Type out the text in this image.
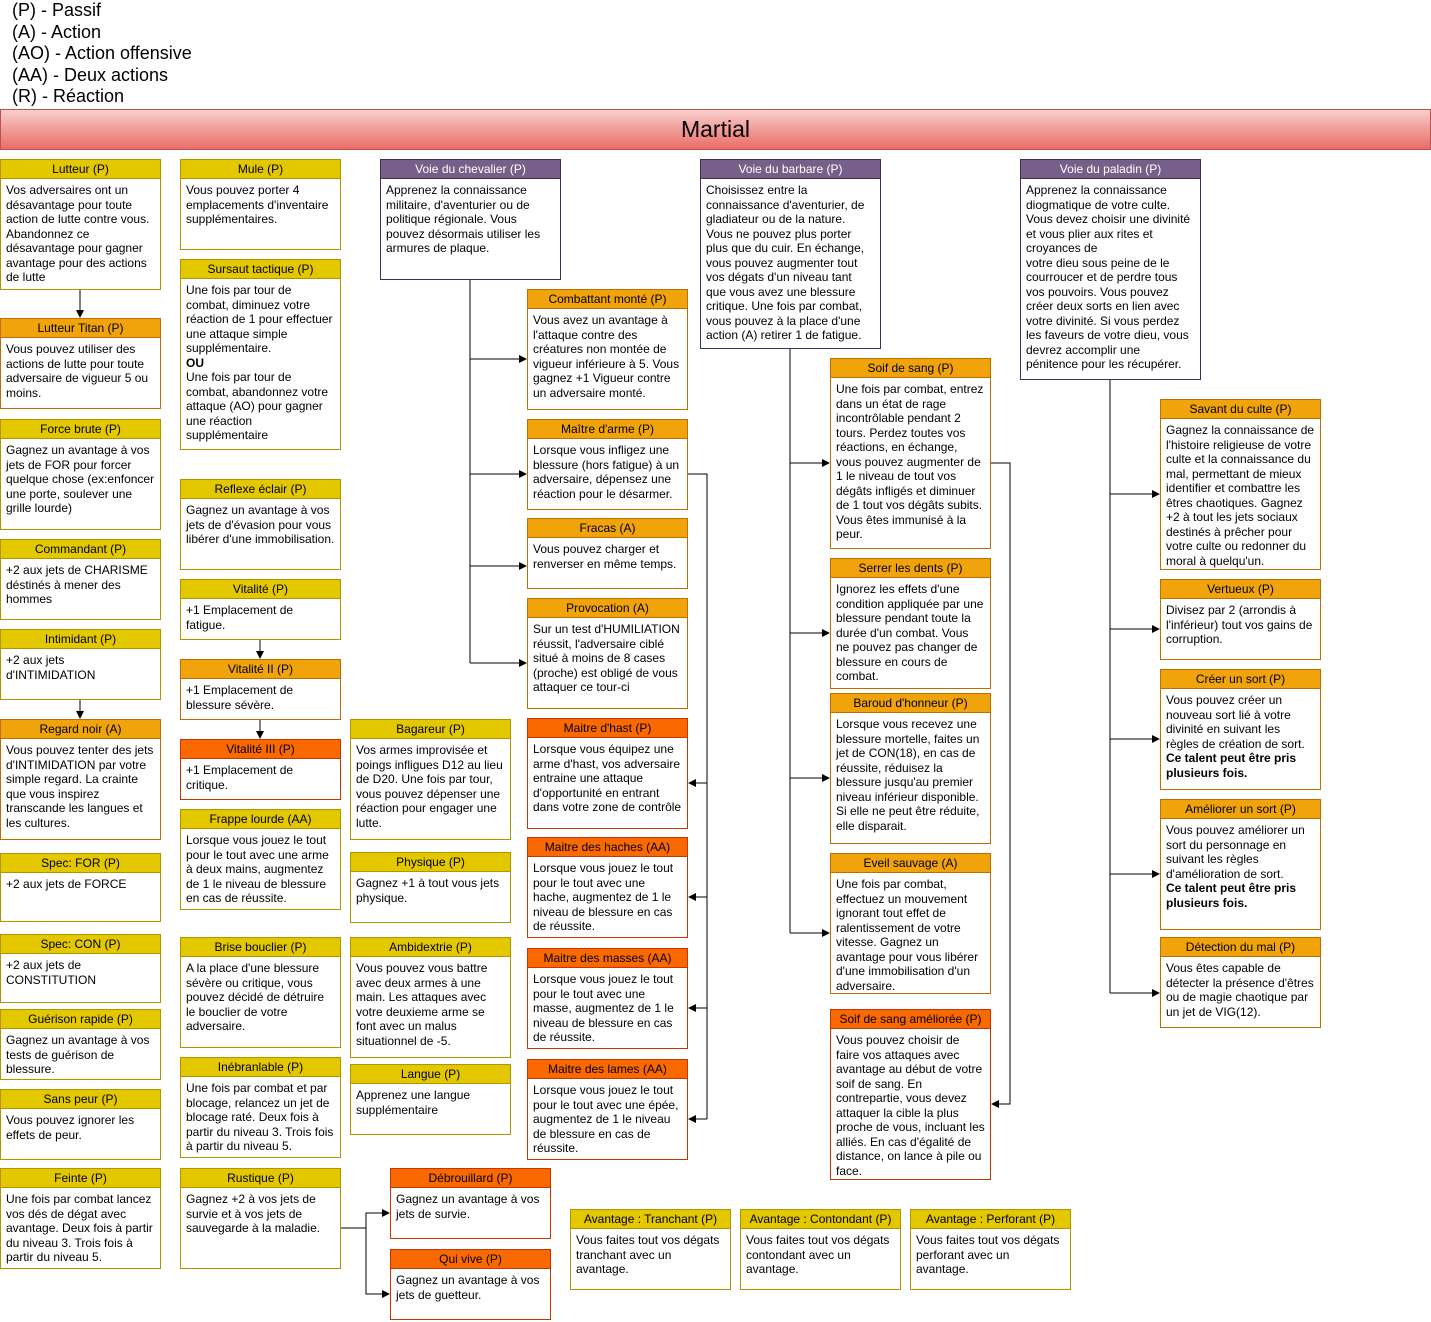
(P) - Passif
(A) - Action
(AO) - Action offensive
(AA) - Deux actions
(R) - Réaction
Martial
Lutteur (P)
Vos adversaires ont un désavantage pour toute action de lutte contre vous. Abandonnez ce désavantage pour gagner avantage pour des actions de lutte
Lutteur Titan (P)
Vous pouvez utiliser des actions de lutte pour toute adversaire de vigueur 5 ou moins.
Force brute (P)
Gagnez un avantage à vos jets de FOR pour forcer quelque chose (ex:enfoncer une porte, soulever une grille lourde)
Commandant (P)
+2 aux jets de CHARISME déstinés à mener des hommes
Intimidant (P)
+2 aux jets d'INTIMIDATION
Regard noir (A)
Vous pouvez tenter des jets d'INTIMIDATION par votre simple regard. La crainte que vous inspirez transcande les langues et les cultures.
Spec: FOR (P)
+2 aux jets de FORCE
Spec: CON (P)
+2 aux jets de CONSTITUTION
Guérison rapide (P)
Gagnez un avantage à vos tests de guérison de blessure.
Sans peur (P)
Vous pouvez ignorer les effets de peur.
Feinte (P)
Une fois par combat lancez vos dés de dégat avec avantage. Deux fois à partir du niveau 3. Trois fois à partir du niveau 5.
Mule (P)
Vous pouvez porter 4 emplacements d'inventaire supplémentaires.
Sursaut tactique (P)
Une fois par tour de combat, diminuez votre réaction de 1 pour effectuer une attaque simple supplémentaire.
OU
Une fois par tour de combat, abandonnez votre attaque (AO) pour gagner une réaction supplémentaire
Reflexe éclair (P)
Gagnez un avantage à vos jets de d'évasion pour vous libérer d'une immobilisation.
Vitalité (P)
+1 Emplacement de fatigue.
Vitalité II (P)
+1 Emplacement de blessure sévère.
Vitalité III (P)
+1 Emplacement de critique.
Frappe lourde (AA)
Lorsque vous jouez le tout pour le tout avec une arme à deux mains, augmentez de 1 le niveau de blessure en cas de réussite.
Brise bouclier (P)
A la place d'une blessure sévère ou critique, vous pouvez décidé de détruire le bouclier de votre adversaire.
Inébranlable (P)
Une fois par combat et par blocage, relancez un jet de blocage raté. Deux fois à partir du niveau 3. Trois fois à partir du niveau 5.
Rustique (P)
Gagnez +2 à vos jets de survie et à vos jets de sauvegarde à la maladie.
Bagareur (P)
Vos armes improvisée et poings infligues D12 au lieu de D20. Une fois par tour, vous pouvez dépenser une réaction pour engager une lutte.
Physique (P)
Gagnez +1 à tout vous jets physique.
Ambidextrie (P)
Vous pouvez vous battre avec deux armes à une main. Les attaques avec votre deuxieme arme se font avec un malus situationnel de -5.
Langue (P)
Apprenez une langue supplémentaire
Débrouillard (P)
Gagnez un avantage à vos jets de survie.
Qui vive (P)
Gagnez un avantage à vos jets de guetteur.
Voie du chevalier (P)
Apprenez la connaissance militaire, d'aventurier ou de politique régionale. Vous pouvez désormais utiliser les armures de plaque.
Combattant monté (P)
Vous avez un avantage à l'attaque contre des créatures non montée de vigueur inférieure à 5. Vous gagnez +1 Vigueur contre un adversaire monté.
Maître d'arme (P)
Lorsque vous infligez une blessure (hors fatigue) à un adversaire, dépensez une réaction pour le désarmer.
Fracas (A)
Vous pouvez charger et renverser en même temps.
Provocation (A)
Sur un test d'HUMILIATION réussit, l'adversaire ciblé situé à moins de 8 cases (proche) est obligé de vous attaquer ce tour-ci
Maitre d'hast (P)
Lorsque vous équipez une arme d'hast, vos adversaire entraine une attaque d'opportunité en entrant dans votre zone de contrôle
Maitre des haches (AA)
Lorsque vous jouez le tout pour le tout avec une hache, augmentez de 1 le niveau de blessure en cas de réussite.
Maitre des masses (AA)
Lorsque vous jouez le tout pour le tout avec une masse, augmentez de 1 le niveau de blessure en cas de réussite.
Maitre des lames (AA)
Lorsque vous jouez le tout pour le tout avec une épée, augmentez de 1 le niveau de blessure en cas de réussite.
Avantage : Tranchant (P)
Vous faites tout vos dégats tranchant avec un avantage.
Avantage : Contondant (P)
Vous faites tout vos dégats contondant avec un avantage.
Avantage : Perforant (P)
Vous faites tout vos dégats perforant avec un avantage.
Voie du barbare (P)
Choisissez entre la connaissance d'aventurier, de gladiateur ou de la nature. Vous ne pouvez plus porter plus que du cuir. En échange, vous pouvez augmenter tout vos dégats d'un niveau tant que vous avez une blessure critique. Une fois par combat, vous pouvez à la place d'une action (A) retirer 1 de fatigue.
Soif de sang (P)
Une fois par combat, entrez dans un état de rage incontrôlable pendant 2 tours. Perdez toutes vos réactions, en échange, vous pouvez augmenter de 1 le niveau de tout vos dégâts infligés et diminuer de 1 tout vos dégâts subits. Vous êtes immunisé à la peur.
Serrer les dents (P)
Ignorez les effets d'une condition appliquée par une blessure pendant toute la durée d'un combat. Vous ne pouvez pas changer de blessure en cours de combat.
Baroud d'honneur (P)
Lorsque vous recevez une blessure mortelle, faites un jet de CON(18), en cas de réussite, réduisez la blessure jusqu'au premier niveau inférieur disponible. Si elle ne peut être réduite, elle disparait.
Eveil sauvage (A)
Une fois par combat, effectuez un mouvement ignorant tout effet de ralentissement de votre vitesse. Gagnez un avantage pour vous libérer d'une immobilisation d'un adversaire.
Soif de sang améliorée (P)
Vous pouvez choisir de faire vos attaques avec avantage au début de votre soif de sang. En contrepartie, vous devez attaquer la cible la plus proche de vous, incluant les alliés. En cas d'égalité de distance, on lance à pile ou face.
Voie du paladin (P)
Apprenez la connaissance diogmatique de votre culte. Vous devez choisir une divinité et vous plier aux rites et croyances de
votre dieu sous peine de le courroucer et de perdre tous vos pouvoirs. Vous pouvez créer deux sorts en lien avec votre divinité. Si vous perdez les faveurs de votre dieu, vous devrez accomplir une pénitence pour les récupérer.
Savant du culte (P)
Gagnez la connaissance de l'histoire religieuse de votre culte et la connaissance du mal, permettant de mieux identifier et combattre les êtres chaotiques. Gagnez +2 à tout les jets sociaux destinés à prêcher pour votre culte ou redonner du moral à quelqu'un.
Vertueux (P)
Divisez par 2 (arrondis à l'inférieur) tout vos gains de corruption.
Créer un sort (P)
Vous pouvez créer un nouveau sort lié à votre divinité en suivant les règles de création de sort.
Ce talent peut être pris plusieurs fois.
Améliorer un sort (P)
Vous pouvez améliorer un sort du personnage en suivant les règles d'amélioration de sort.
Ce talent peut être pris plusieurs fois.
Détection du mal (P)
Vous êtes capable de détecter la présence d'êtres ou de magie chaotique par un jet de VIG(12).
